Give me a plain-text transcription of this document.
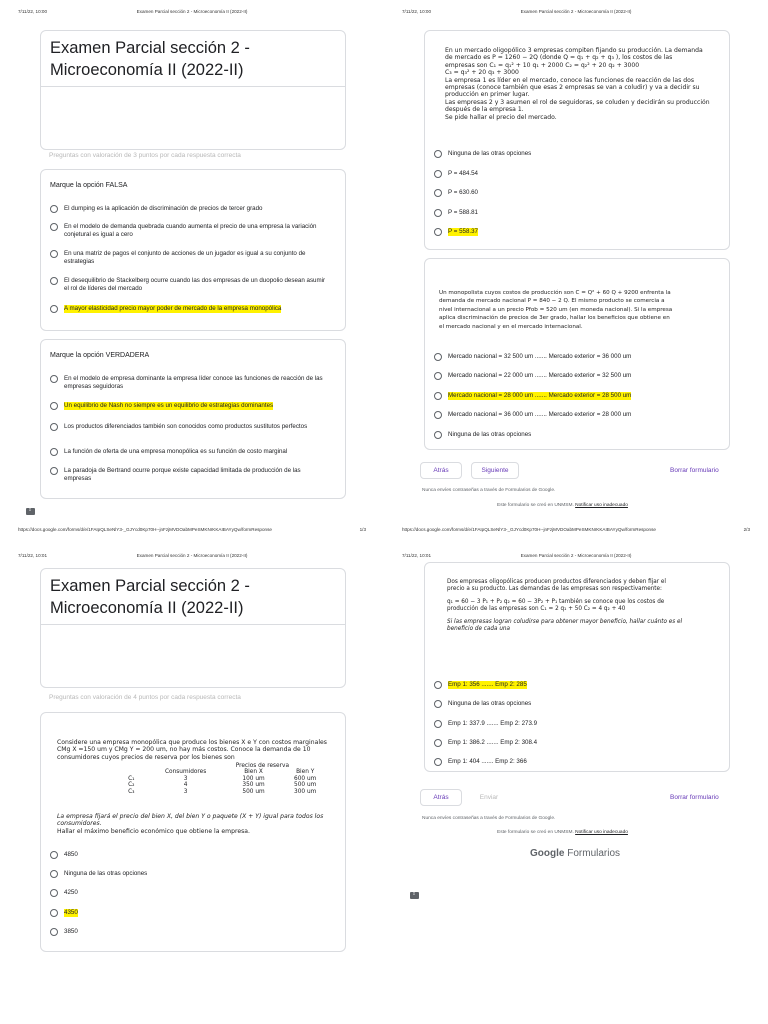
7/11/22, 10:00	Examen Parcial sección 2 - Microeconomía II (2022-II)
Examen Parcial sección 2 - Microeconomía II (2022-II)
Preguntas con valoración de 3 puntos por cada respuesta correcta
Marque la opción FALSA
El dumping es la aplicación de discriminación de precios de tercer grado
En el modelo de demanda quebrada cuando aumenta el precio de una empresa la variación conjetural es igual a cero
En una matriz de pagos el conjunto de acciones de un jugador es igual a su conjunto de estrategias
El desequilibrio de Stackelberg ocurre cuando las dos empresas de un duopolio desean asumir el rol de líderes del mercado
A mayor elasticidad precio mayor poder de mercado de la empresa monopólica
Marque la opción VERDADERA
En el modelo de empresa dominante la empresa líder conoce las funciones de reacción de las empresas seguidoras
Un equilibrio de Nash no siempre es un equilibrio de estrategias dominantes
Los productos diferenciados también son conocidos como productos sustitutos perfectos
La función de oferta de una empresa monopólica es su función de costo marginal
La paradoja de Bertrand ocurre porque existe capacidad limitada de producción de las empresas
!
https://docs.google.com/forms/d/e/1FAIpQLSeNlY3-_GJYcd0Kp70H--jnFzjMVDOabMPeSMKNrKKAIBAYyQw/formResponse	1/3
7/11/22, 10:00	Examen Parcial sección 2 - Microeconomía II (2022-II)
En un mercado oligopólico 3 empresas compiten fijando su producción. La demanda
de mercado es P = 1260 − 2Q (donde Q = q₁ + q₂ + q₃ ), los costos de las
empresas son C₁ = q₁² + 10 q₁ + 2000 C₂ = q₂² + 20 q₂ + 3000
C₃ = q₃² + 20 q₃ + 3000
La empresa 1 es líder en el mercado, conoce las funciones de reacción de las dos
empresas (conoce también que esas 2 empresas se van a coludir) y va a decidir su
producción en primer lugar.
Las empresas 2 y 3 asumen el rol de seguidoras, se coluden y decidirán su producción
después de la empresa 1.
Se pide hallar el precio del mercado.
Ninguna de las otras opciones
P = 484.54
P = 630.60
P = 588.81
P = 558.37
Un monopolista cuyos costos de producción son C = Q² + 60 Q + 9200 enfrenta la
demanda de mercado nacional P = 840 − 2 Q. El mismo producto se comercia a
nivel internacional a un precio Pfob = 520 um (en moneda nacional). Si la empresa
aplica discriminación de precios de 3er grado, hallar los beneficios que obtiene en
el mercado nacional y en el mercado internacional.
Mercado nacional = 32 500 um ....... Mercado exterior = 36 000 um
Mercado nacional = 22 000 um ....... Mercado exterior = 32 500 um
Mercado nacional = 28 000 um ....... Mercado exterior = 28 500 um
Mercado nacional = 36 000 um ....... Mercado exterior = 28 000 um
Ninguna de las otras opciones
Atrás	Siguiente	Borrar formulario
Nunca envíes contraseñas a través de Formularios de Google.
Este formulario se creó en UNMSM. Notificar uso inadecuado
https://docs.google.com/forms/d/e/1FAIpQLSeNlY3-_GJYcd0Kp70H--jnFzjMVDOabMPeSMKNrKKAIBAYyQw/formResponse	2/3
7/11/22, 10:01	Examen Parcial sección 2 - Microeconomía II (2022-II)
Examen Parcial sección 2 - Microeconomía II (2022-II)
Preguntas con valoración de 4 puntos por cada respuesta correcta
Considere una empresa monopólica que produce los bienes X e Y con costos marginales
CMg X =150 um y CMg Y = 200 um, no hay más costos. Conoce la demanda de 10
consumidores cuyos precios de reserva por los bienes son
Precios de reserva
	Consumidores	Bien X	Bien Y
C₁	3	100 um	600 um
C₂	4	350 um	500 um
C₃	3	500 um	300 um
La empresa fijará el precio del bien X, del bien Y o paquete (X + Y) igual para todos los
consumidores.
Hallar el máximo beneficio económico que obtiene la empresa.
4850
Ninguna de las otras opciones
4250
4350
3850
7/11/22, 10:01	Examen Parcial sección 2 - Microeconomía II (2022-II)
Dos empresas oligopólicas producen productos diferenciados y deben fijar el
precio a su producto. Las demandas de las empresas son respectivamente:
q₁ = 60 − 3 P₁ + P₂ q₂ = 60 − 3P₂ + P₁ también se conoce que los costos de
producción de las empresas son C₁ = 2 q₁ + 50 C₂ = 4 q₂ + 40
Si las empresas logran coludirse para obtener mayor beneficio, hallar cuánto es el
beneficio de cada una
Emp 1: 356 ....... Emp 2: 285
Ninguna de las otras opciones
Emp 1: 337.9 ....... Emp 2: 273.9
Emp 1: 386.2 ....... Emp 2: 308.4
Emp 1: 404 ....... Emp 2: 366
Atrás	Enviar	Borrar formulario
Nunca envíes contraseñas a través de Formularios de Google.
Este formulario se creó en UNMSM. Notificar uso inadecuado
Google Formularios
!
